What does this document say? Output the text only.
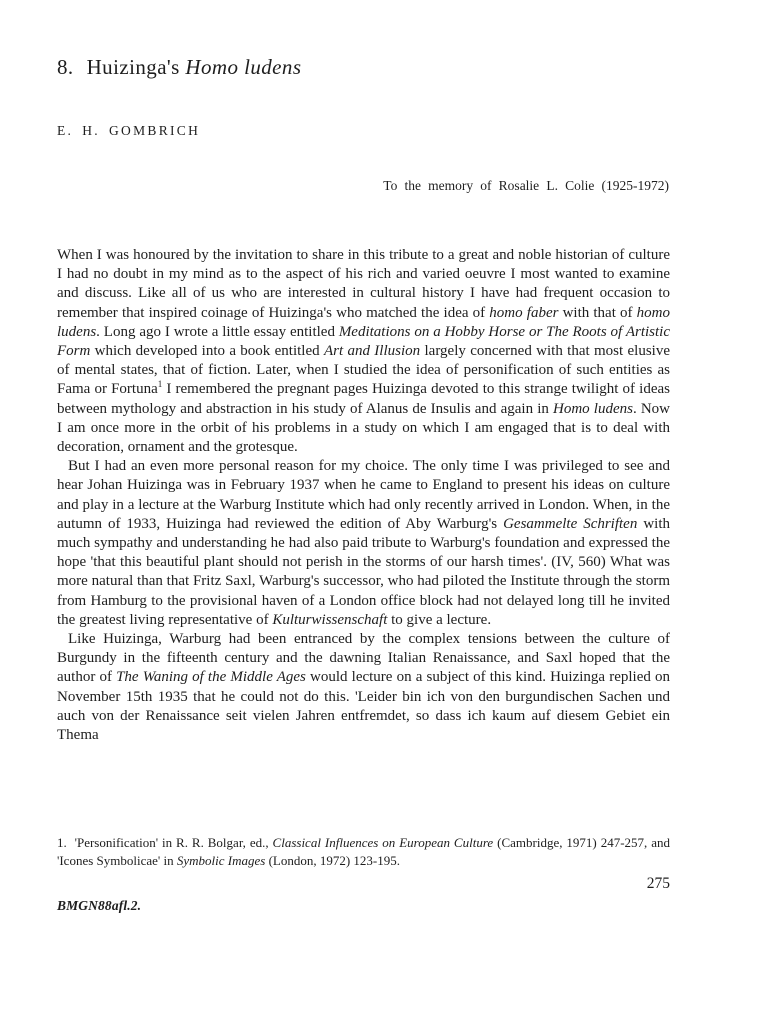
8. Huizinga's Homo ludens
E. H. GOMBRICH
To the memory of Rosalie L. Colie (1925-1972)

When I was honoured by the invitation to share in this tribute to a great and noble historian of culture I had no doubt in my mind as to the aspect of his rich and varied oeuvre I most wanted to examine and discuss. Like all of us who are interested in cultural history I have had frequent occasion to remember that inspired coinage of Huizinga's who matched the idea of homo faber with that of homo ludens. Long ago I wrote a little essay entitled Meditations on a Hobby Horse or The Roots of Artistic Form which developed into a book entitled Art and Illusion largely concerned with that most elusive of mental states, that of fiction. Later, when I studied the idea of personification of such entities as Fama or Fortuna$^1$ I remembered the pregnant pages Huizinga devoted to this strange twilight of ideas between mythology and abstraction in his study of Alanus de Insulis and again in Homo ludens. Now I am once more in the orbit of his problems in a study on which I am engaged that is to deal with decoration, ornament and the grotesque.

But I had an even more personal reason for my choice. The only time I was privileged to see and hear Johan Huizinga was in February 1937 when he came to England to present his ideas on culture and play in a lecture at the Warburg Institute which had only recently arrived in London. When, in the autumn of 1933, Huizinga had reviewed the edition of Aby Warburg's Gesammelte Schriften with much sympathy and understanding he had also paid tribute to Warburg's foundation and expressed the hope 'that this beautiful plant should not perish in the storms of our harsh times'. (IV, 560) What was more natural than that Fritz Saxl, Warburg's successor, who had piloted the Institute through the storm from Hamburg to the provisional haven of a London office block had not delayed long till he invited the greatest living representative of Kulturwissenschaft to give a lecture.

Like Huizinga, Warburg had been entranced by the complex tensions between the culture of Burgundy in the fifteenth century and the dawning Italian Renaissance, and Saxl hoped that the author of The Waning of the Middle Ages would lecture on a subject of this kind. Huizinga replied on November 15th 1935 that he could not do this. 'Leider bin ich von den burgundischen Sachen und auch von der Renaissance seit vielen Jahren entfremdet, so dass ich kaum auf diesem Gebiet ein Thema

1.  'Personification' in R. R. Bolgar, ed., Classical Influences on European Culture (Cambridge, 1971) 247-257, and 'Icones Symbolicae' in Symbolic Images (London, 1972) 123-195.
275
BMGN88afl.2.
